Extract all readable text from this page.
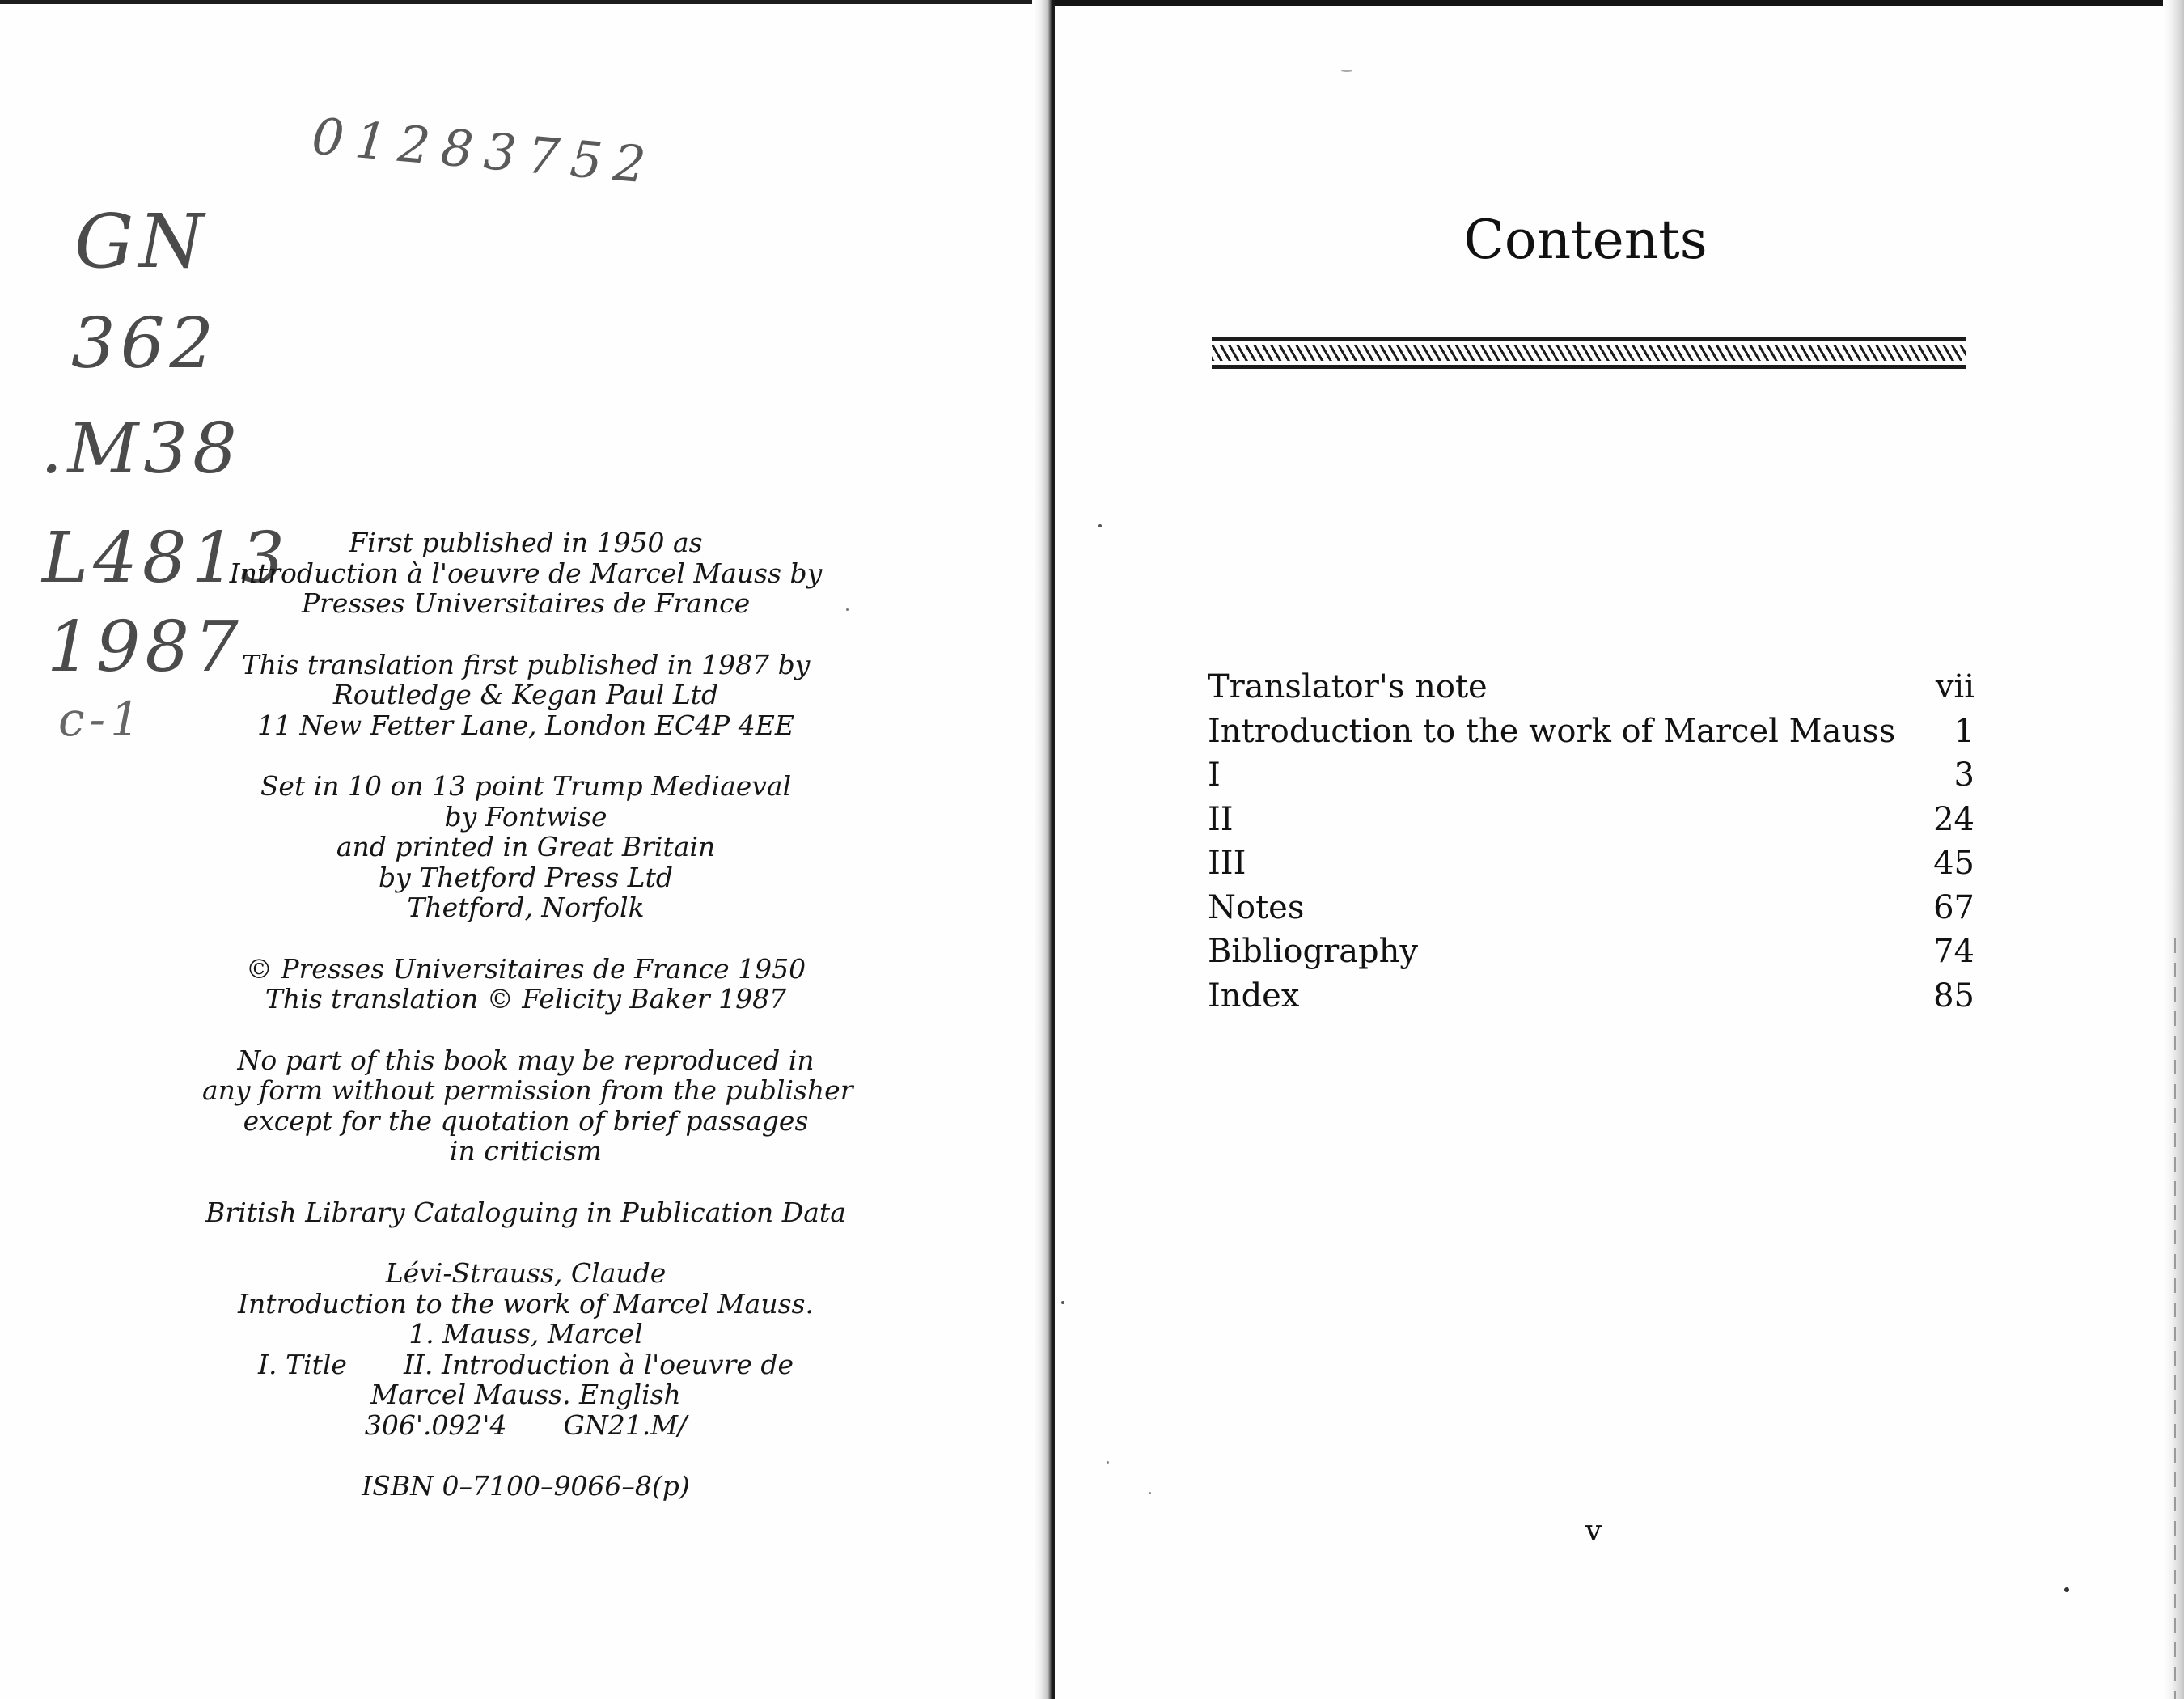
01283752
GN
362
.M38
L4813
1987
c-1
First published in 1950 as
Introduction à l'oeuvre de Marcel Mauss by
Presses Universitaires de France
This translation first published in 1987 by
Routledge & Kegan Paul Ltd
11 New Fetter Lane, London EC4P 4EE
Set in 10 on 13 point Trump Mediaeval
by Fontwise
and printed in Great Britain
by Thetford Press Ltd
Thetford, Norfolk
© Presses Universitaires de France 1950
This translation © Felicity Baker 1987
No part of this book may be reproduced in
any form without permission from the publisher
except for the quotation of brief passages
in criticism
British Library Cataloguing in Publication Data
Lévi-Strauss, Claude
Introduction to the work of Marcel Mauss.
1. Mauss, Marcel
I. Title II. Introduction à l'oeuvre de
Marcel Mauss. English
306'.092'4 GN21.M/
ISBN 0–7100–9066–8(p)
Contents
Translator's note	vii
Introduction to the work of Marcel Mauss 1
I	3
II	24
III	45
Notes	67
Bibliography	74
Index	85
v
